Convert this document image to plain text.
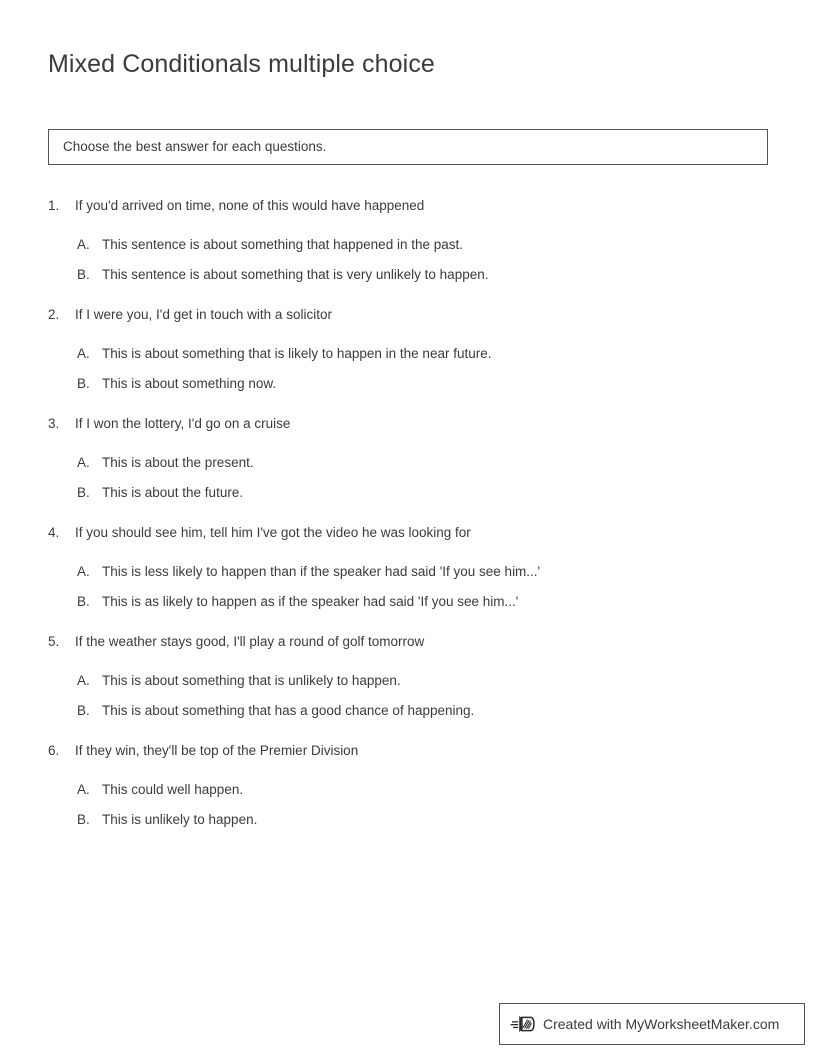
Mixed Conditionals multiple choice
Choose the best answer for each questions.
1.	If you'd arrived on time, none of this would have happened
A. This sentence is about something that happened in the past.
B. This sentence is about something that is very unlikely to happen.
2.	If I were you, I'd get in touch with a solicitor
A. This is about something that is likely to happen in the near future.
B. This is about something now.
3.	If I won the lottery, I'd go on a cruise
A. This is about the present.
B. This is about the future.
4.	If you should see him, tell him I've got the video he was looking for
A. This is less likely to happen than if the speaker had said 'If you see him...'
B. This is as likely to happen as if the speaker had said 'If you see him...'
5.	If the weather stays good, I'll play a round of golf tomorrow
A. This is about something that is unlikely to happen.
B. This is about something that has a good chance of happening.
6.	If they win, they'll be top of the Premier Division
A. This could well happen.
B. This is unlikely to happen.
Created with MyWorksheetMaker.com
